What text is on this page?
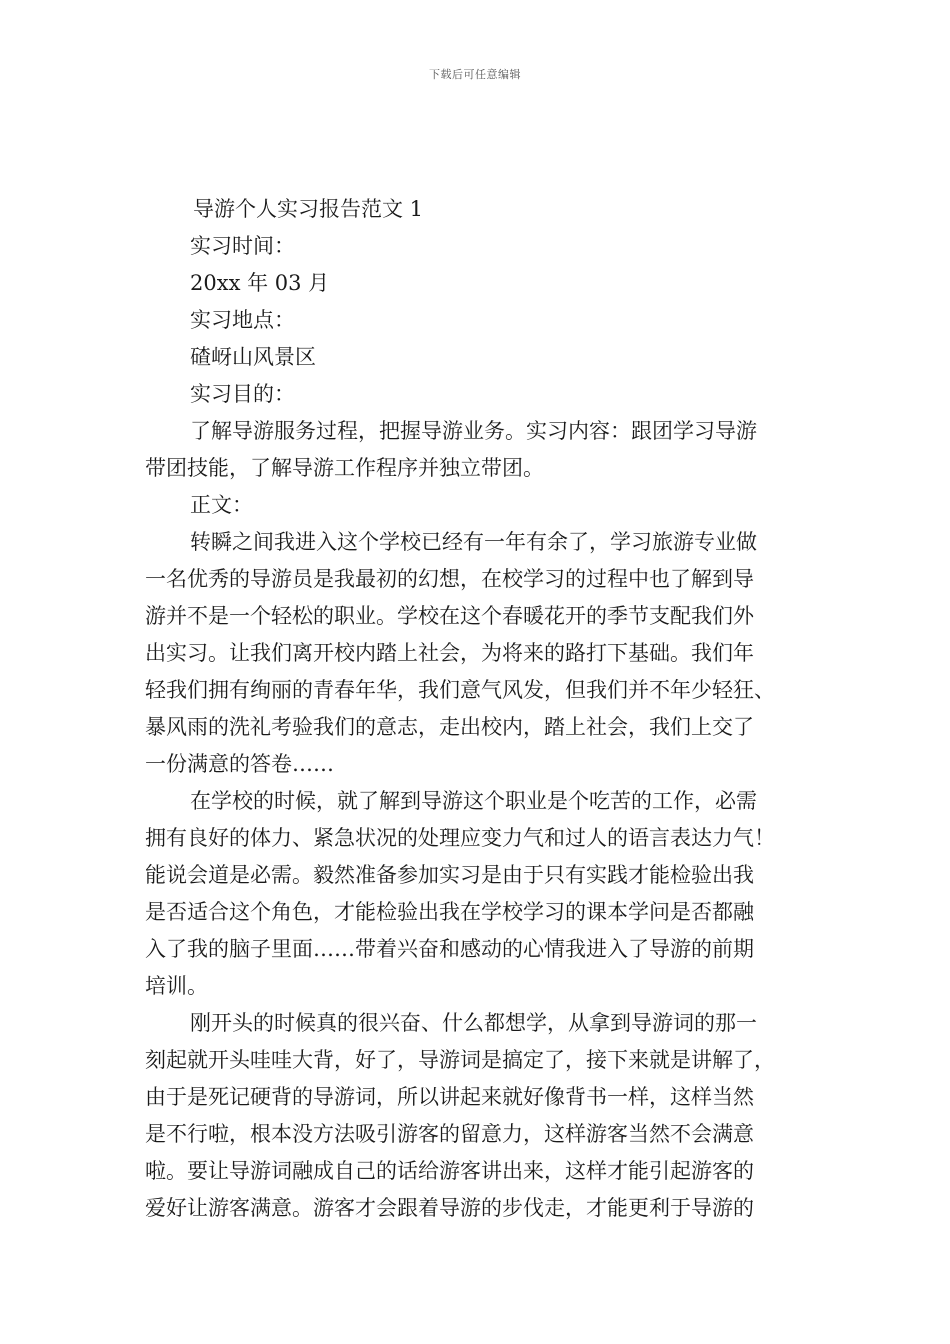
下载后可任意编辑
导游个人实习报告范文 1
实习时间：
20xx 年 03 月
实习地点：
碴岈山风景区
实习目的：
了解导游服务过程，把握导游业务。实习内容：跟团学习导游
带团技能，了解导游工作程序并独立带团。
正文：
转瞬之间我进入这个学校已经有一年有余了，学习旅游专业做
一名优秀的导游员是我最初的幻想，在校学习的过程中也了解到导
游并不是一个轻松的职业。学校在这个春暖花开的季节支配我们外
出实习。让我们离开校内踏上社会，为将来的路打下基础。我们年
轻我们拥有绚丽的青春年华，我们意气风发，但我们并不年少轻狂、
暴风雨的洗礼考验我们的意志，走出校内，踏上社会，我们上交了
一份满意的答卷……
在学校的时候，就了解到导游这个职业是个吃苦的工作，必需
拥有良好的体力、紧急状况的处理应变力气和过人的语言表达力气！
能说会道是必需。毅然准备参加实习是由于只有实践才能检验出我
是否适合这个角色，才能检验出我在学校学习的课本学问是否都融
入了我的脑子里面……带着兴奋和感动的心情我进入了导游的前期
培训。
刚开头的时候真的很兴奋、什么都想学，从拿到导游词的那一
刻起就开头哇哇大背，好了，导游词是搞定了，接下来就是讲解了，
由于是死记硬背的导游词，所以讲起来就好像背书一样，这样当然
是不行啦，根本没方法吸引游客的留意力，这样游客当然不会满意
啦。要让导游词融成自己的话给游客讲出来，这样才能引起游客的
爱好让游客满意。游客才会跟着导游的步伐走，才能更利于导游的
